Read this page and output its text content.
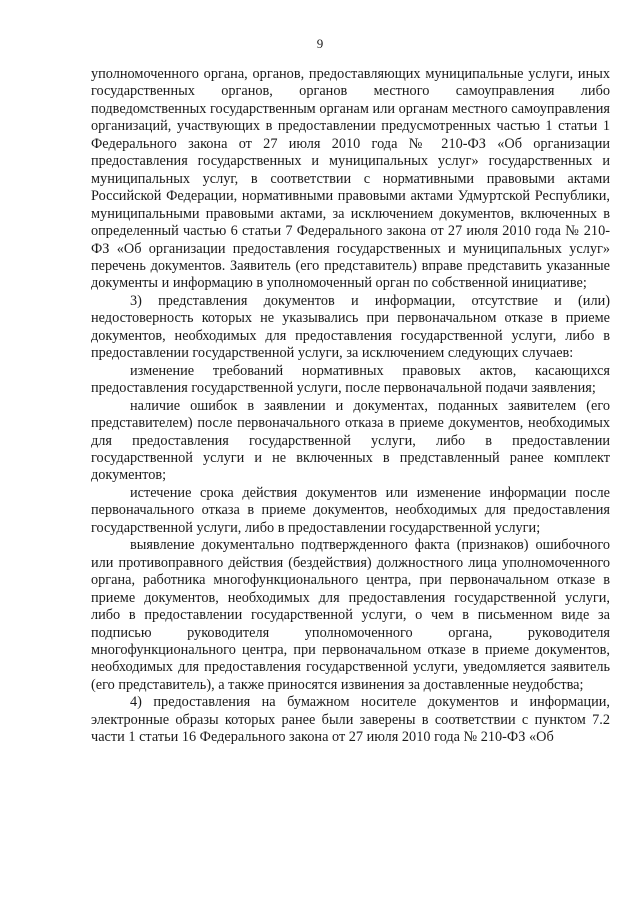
9

уполномоченного органа, органов, предоставляющих муниципальные услуги, иных государственных органов, органов местного самоуправления либо подведомственных государственным органам или органам местного самоуправления организаций, участвующих в предоставлении предусмотренных частью 1 статьи 1 Федерального закона от 27 июля 2010 года № 210-ФЗ «Об организации предоставления государственных и муниципальных услуг» государственных и муниципальных услуг, в соответствии с нормативными правовыми актами Российской Федерации, нормативными правовыми актами Удмуртской Республики, муниципальными правовыми актами, за исключением документов, включенных в определенный частью 6 статьи 7 Федерального закона от 27 июля 2010 года № 210-ФЗ «Об организации предоставления государственных и муниципальных услуг» перечень документов. Заявитель (его представитель) вправе представить указанные документы и информацию в уполномоченный орган по собственной инициативе;

3) представления документов и информации, отсутствие и (или) недостоверность которых не указывались при первоначальном отказе в приеме документов, необходимых для предоставления государственной услуги, либо в предоставлении государственной услуги, за исключением следующих случаев:

изменение требований нормативных правовых актов, касающихся предоставления государственной услуги, после первоначальной подачи заявления;

наличие ошибок в заявлении и документах, поданных заявителем (его представителем) после первоначального отказа в приеме документов, необходимых для предоставления государственной услуги, либо в предоставлении государственной услуги и не включенных в представленный ранее комплект документов;

истечение срока действия документов или изменение информации после первоначального отказа в приеме документов, необходимых для предоставления государственной услуги, либо в предоставлении государственной услуги;

выявление документально подтвержденного факта (признаков) ошибочного или противоправного действия (бездействия) должностного лица уполномоченного органа, работника многофункционального центра, при первоначальном отказе в приеме документов, необходимых для предоставления государственной услуги, либо в предоставлении государственной услуги, о чем в письменном виде за подписью руководителя уполномоченного органа, руководителя многофункционального центра, при первоначальном отказе в приеме документов, необходимых для предоставления государственной услуги, уведомляется заявитель (его представитель), а также приносятся извинения за доставленные неудобства;

4) предоставления на бумажном носителе документов и информации, электронные образы которых ранее были заверены в соответствии с пунктом 7.2 части 1 статьи 16 Федерального закона от 27 июля 2010 года № 210-ФЗ «Об
